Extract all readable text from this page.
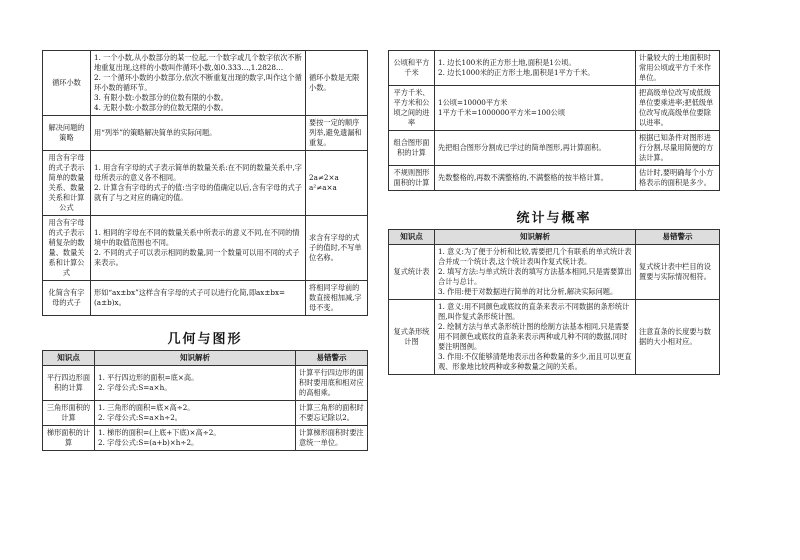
循环小数	1. 一个小数,从小数部分的某一位起,一个数字或几个数字依次不断地重复出现,这样的小数叫作循环小数,如0.333…,1.2828…
2. 一个循环小数的小数部分,依次不断重复出现的数字,叫作这个循环小数的循环节。
3. 有限小数:小数部分的位数有限的小数。
4. 无限小数:小数部分的位数无限的小数。	循环小数是无限小数。
解决问题的策略	用“列举”的策略解决简单的实际问题。	要按一定的顺序列举,避免遗漏和重复。
用含有字母的式子表示简单的数量关系、数量关系和计算公式	1. 用含有字母的式子表示简单的数量关系:在不同的数量关系中,字母所表示的意义各不相同。
2. 计算含有字母的式子的值:当字母的值确定以后,含有字母的式子就有了与之对应的确定的值。	2a≠2×a
a²≠a×a
用含有字母的式子表示稍复杂的数量、数量关系和计算公式	1. 相同的字母在不同的数量关系中所表示的意义不同,在不同的情境中的取值范围也不同。
2. 不同的式子可以表示相同的数量,同一个数量可以用不同的式子来表示。	求含有字母的式子的值时,不写单位名称。
化简含有字母的式子	形如“ax±bx”这样含有字母的式子可以进行化简,即ax±bx=(a±b)x。	将相同字母前的数直接相加减,字母不变。
几何与图形
知识点	知识解析	易错警示
平行四边形面积的计算	1. 平行四边形的面积=底×高。
2. 字母公式:S=a×h。	计算平行四边形的面积时要用底和相对应的高相乘。
三角形面积的计算	1. 三角形的面积=底×高÷2。
2. 字母公式:S=a×h÷2。	计算三角形的面积时不要忘记除以2。
梯形面积的计算	1. 梯形的面积=(上底+下底)×高÷2。
2. 字母公式:S=(a+b)×h÷2。	计算梯形面积时要注意统一单位。
公顷和平方千米	1. 边长100米的正方形土地,面积是1公顷。
2. 边长1000米的正方形土地,面积是1平方千米。	计量较大的土地面积时常用公顷或平方千米作单位。
平方千米、平方米和公顷之间的进率	1公顷=10000平方米
1平方千米=1000000平方米=100公顷	把高级单位改写成低级单位要乘进率;把低级单位改写成高级单位要除以进率。
组合图形面积的计算	先把组合图形分割成已学过的简单图形,再计算面积。	根据已知条件对图形进行分割,尽量用简便的方法计算。
不规则图形面积的计算	先数整格的,再数不满整格的,不满整格的按半格计算。	估计时,要明确每个小方格表示的面积是多少。
统计与概率
知识点	知识解析	易错警示
复式统计表	1. 意义:为了便于分析和比较,需要把几个有联系的单式统计表合并成一个统计表,这个统计表叫作复式统计表。
2. 填写方法:与单式统计表的填写方法基本相同,只是需要算出合计与总计。
3. 作用:便于对数据进行简单的对比分析,解决实际问题。	复式统计表中栏目的设置要与实际情况相符。
复式条形统计图	1. 意义:用不同颜色或底纹的直条来表示不同数据的条形统计图,叫作复式条形统计图。
2. 绘制方法与单式条形统计图的绘制方法基本相同,只是需要用不同颜色或底纹的直条来表示两种或几种不同的数据,同时要注明图例。
3. 作用:不仅能够清楚地表示出各种数量的多少,而且可以更直观、形象地比较两种或多种数量之间的关系。	注意直条的长度要与数据的大小相对应。
